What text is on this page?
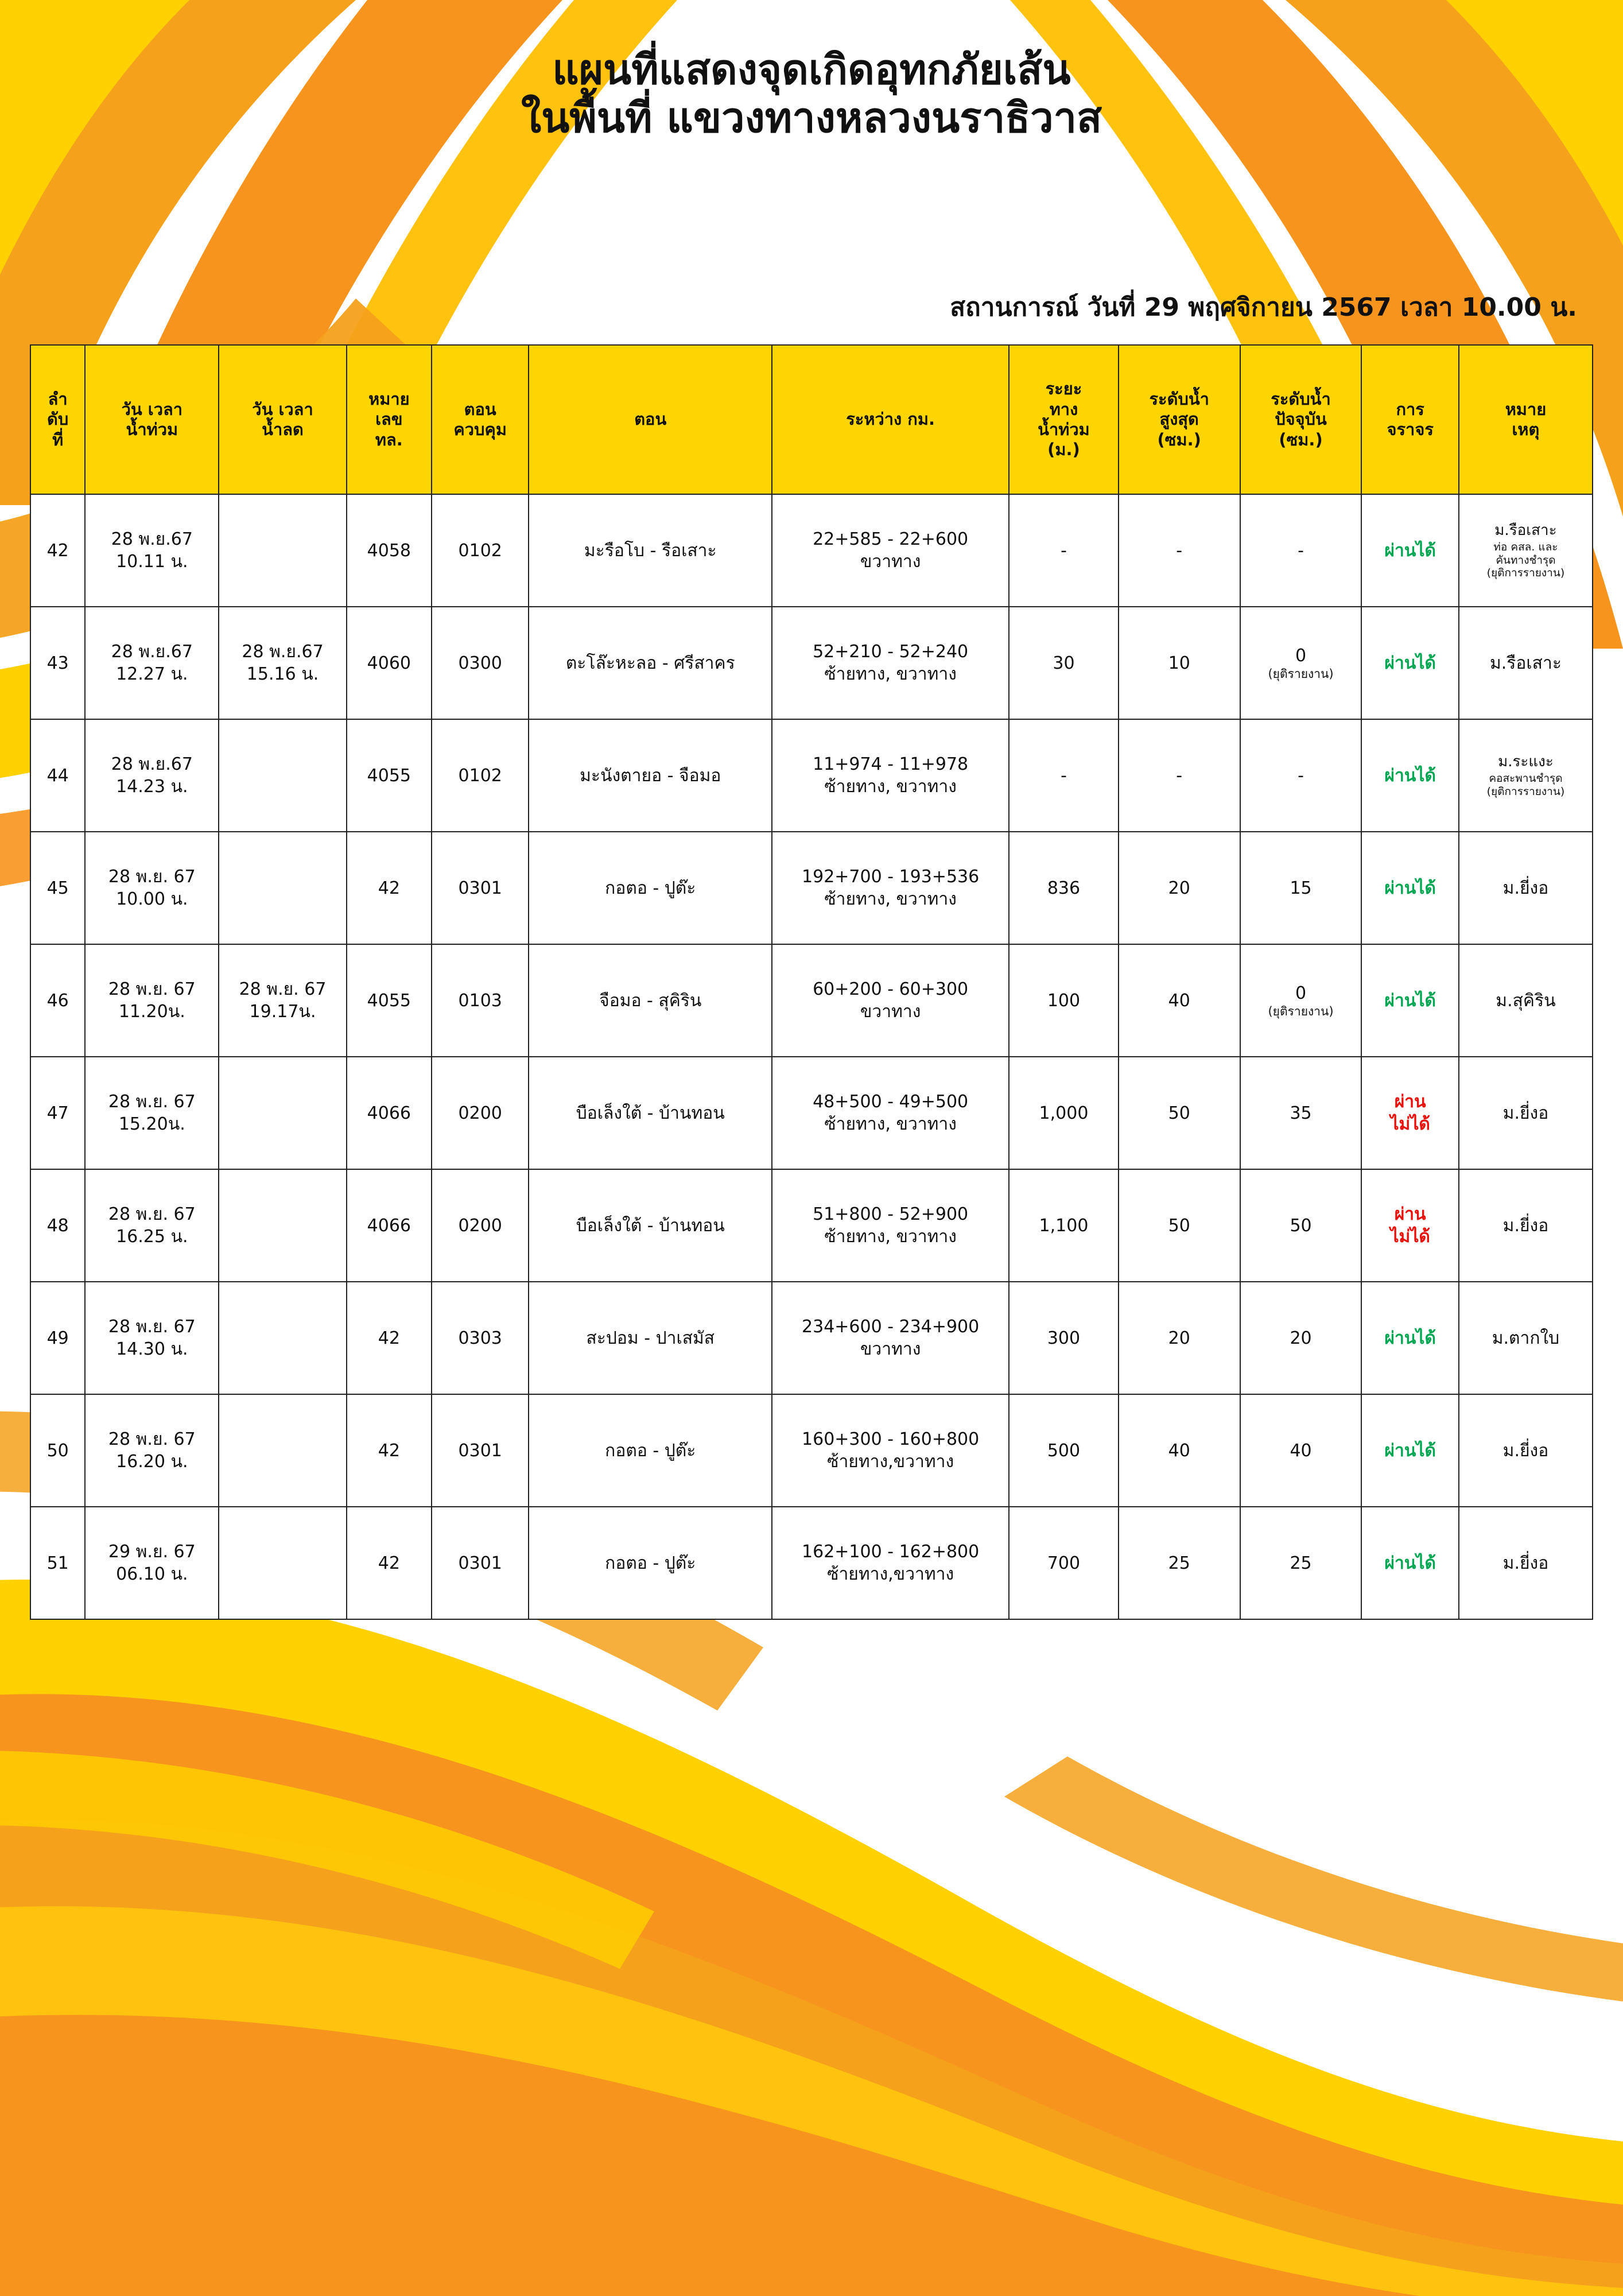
แผนที่แสดงจุดเกิดอุทกภัยเส้น
ในพื้นที่ แขวงทางหลวงนราธิวาส
สถานการณ์ วันที่ 29 พฤศจิกายน 2567 เวลา 10.00 น.
ลำ
ดับ
ที่	วัน เวลา
น้ำท่วม	วัน เวลา
น้ำลด	หมาย
เลข
ทล.	ตอน
ควบคุม	ตอน	ระหว่าง กม.	ระยะ
ทาง
น้ำท่วม
(ม.)	ระดับน้ำ
สูงสุด
(ซม.)	ระดับน้ำ
ปัจจุบัน
(ซม.)	การ
จราจร	หมาย
เหตุ

42	28 พ.ย.67
10.11 น.		4058	0102	มะรือโบ - รือเสาะ	22+585 - 22+600
ขวาทาง	-	-	-	ผ่านได้	ม.รือเสาะ
ท่อ คสล. และ
คันทางชำรุด
(ยุติการรายงาน)

43	28 พ.ย.67
12.27 น.	28 พ.ย.67
15.16 น.	4060	0300	ตะโล๊ะหะลอ - ศรีสาคร	52+210 - 52+240
ซ้ายทาง, ขวาทาง	30	10	0
(ยุติรายงาน)	ผ่านได้	ม.รือเสาะ

44	28 พ.ย.67
14.23 น.		4055	0102	มะนังตายอ - จือมอ	11+974 - 11+978
ซ้ายทาง, ขวาทาง	-	-	-	ผ่านได้	ม.ระแงะ
คอสะพานชำรุด
(ยุติการรายงาน)

45	28 พ.ย. 67
10.00 น.		42	0301	กอตอ - ปูต๊ะ	192+700 - 193+536
ซ้ายทาง, ขวาทาง	836	20	15	ผ่านได้	ม.ยี่งอ

46	28 พ.ย. 67
11.20น.	28 พ.ย. 67
19.17น.	4055	0103	จือมอ - สุคิริน	60+200 - 60+300
ขวาทาง	100	40	0
(ยุติรายงาน)	ผ่านได้	ม.สุคิริน

47	28 พ.ย. 67
15.20น.		4066	0200	บือเล็งใต้ - บ้านทอน	48+500 - 49+500
ซ้ายทาง, ขวาทาง	1,000	50	35	ผ่าน
ไม่ได้	ม.ยี่งอ

48	28 พ.ย. 67
16.25 น.		4066	0200	บือเล็งใต้ - บ้านทอน	51+800 - 52+900
ซ้ายทาง, ขวาทาง	1,100	50	50	ผ่าน
ไม่ได้	ม.ยี่งอ

49	28 พ.ย. 67
14.30 น.		42	0303	สะปอม - ปาเสมัส	234+600 - 234+900
ขวาทาง	300	20	20	ผ่านได้	ม.ตากใบ

50	28 พ.ย. 67
16.20 น.		42	0301	กอตอ - ปูต๊ะ	160+300 - 160+800
ซ้ายทาง,ขวาทาง	500	40	40	ผ่านได้	ม.ยี่งอ

51	29 พ.ย. 67
06.10 น.		42	0301	กอตอ - ปูต๊ะ	162+100 - 162+800
ซ้ายทาง,ขวาทาง	700	25	25	ผ่านได้	ม.ยี่งอ
